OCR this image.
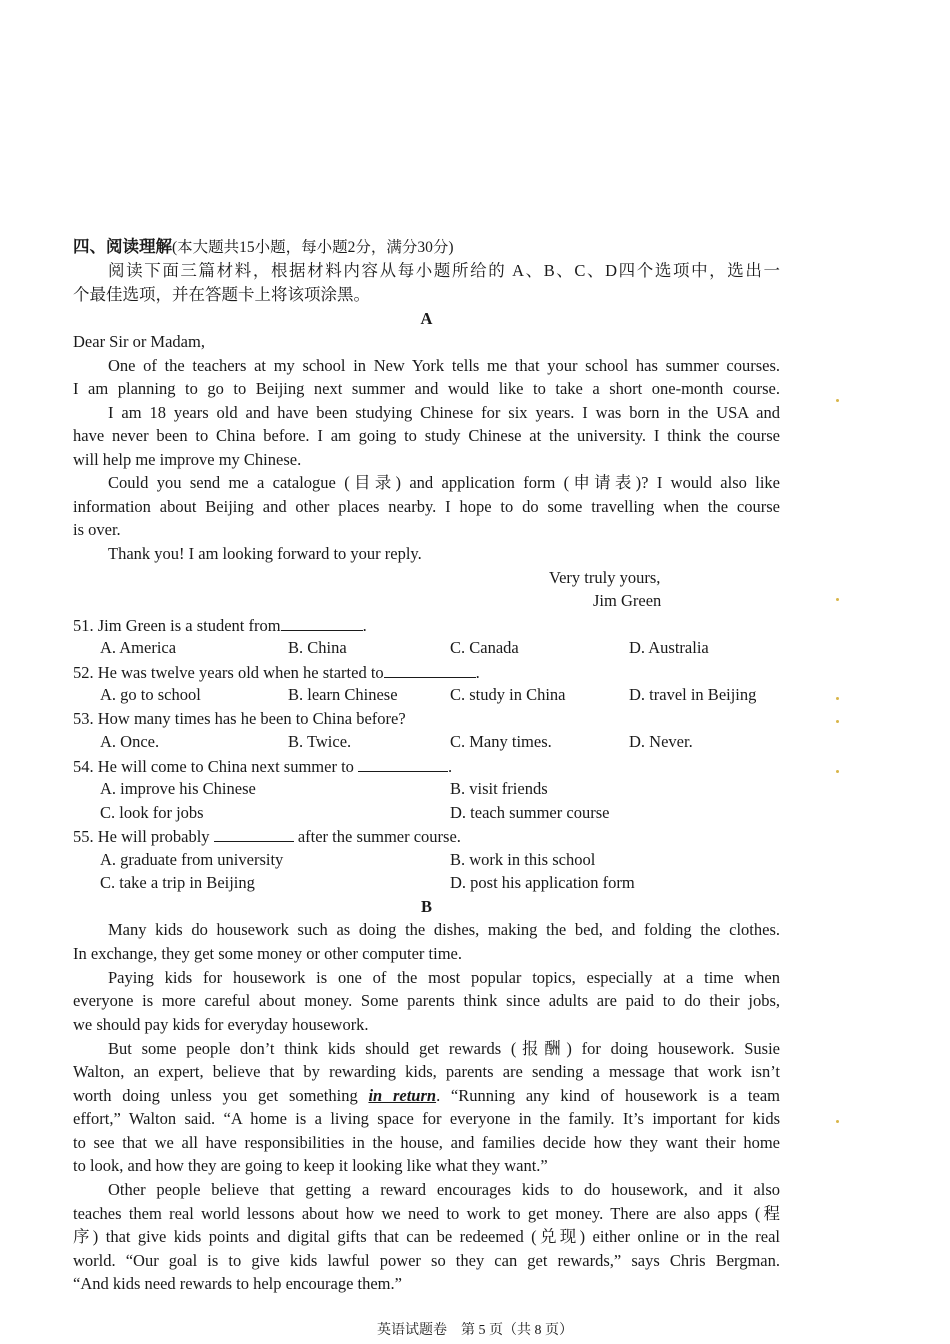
四、阅读理解(本大题共15小题，每小题2分，满分30分)
阅读下面三篇材料，根据材料内容从每小题所给的 A、B、C、D四个选项中，选出一
个最佳选项，并在答题卡上将该项涂黑。
A
Dear Sir or Madam,
One of the teachers at my school in New York tells me that your school has summer courses.
I am planning to go to Beijing next summer and would like to take a short one-month course.
I am 18 years old and have been studying Chinese for six years. I was born in the USA and
have never been to China before. I am going to study Chinese at the university. I think the course
will help me improve my Chinese.
Could you send me a catalogue (目录) and application form (申请表)? I would also like
information about Beijing and other places nearby. I hope to do some travelling when the course
is over.
Thank you! I am looking forward to your reply.
Very truly yours,
Jim Green
51. Jim Green is a student from	.
A. America	B. China	C. Canada	D. Australia
52. He was twelve years old when he started to	.
A. go to school	B. learn Chinese	C. study in China	D. travel in Beijing
53. How many times has he been to China before?
A. Once.	B. Twice.	C. Many times.	D. Never.
54. He will come to China next summer to	.
A. improve his Chinese	B. visit friends
C. look for jobs	D. teach summer course
55. He will probably	after the summer course.
A. graduate from university	B. work in this school
C. take a trip in Beijing	D. post his application form
B
Many kids do housework such as doing the dishes, making the bed, and folding the clothes.
In exchange, they get some money or other computer time.
Paying kids for housework is one of the most popular topics, especially at a time when
everyone is more careful about money. Some parents think since adults are paid to do their jobs,
we should pay kids for everyday housework.
But some people don’t think kids should get rewards (报酬) for doing housework. Susie
Walton, an expert, believe that by rewarding kids, parents are sending a message that work isn’t
worth doing unless you get something in return. “Running any kind of housework is a team
effort,” Walton said. “A home is a living space for everyone in the family. It’s important for kids
to see that we all have responsibilities in the house, and families decide how they want their home
to look, and how they are going to keep it looking like what they want.”
Other people believe that getting a reward encourages kids to do housework, and it also
teaches them real world lessons about how we need to work to get money. There are also apps (程
序) that give kids points and digital gifts that can be redeemed (兑现) either online or in the real
world. “Our goal is to give kids lawful power so they can get rewards,” says Chris Bergman.
“And kids need rewards to help encourage them.”
英语试题卷　第 5 页（共 8 页）
